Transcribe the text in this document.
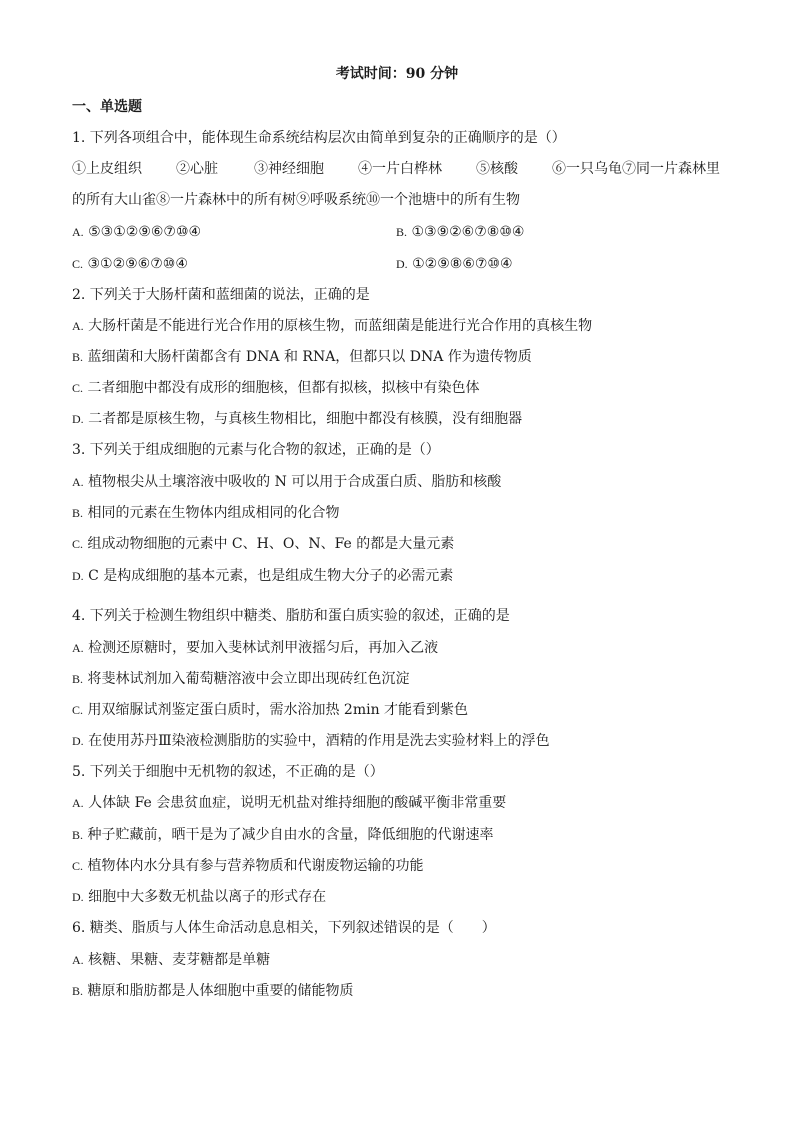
考试时间：90 分钟
一、单选题
1. 下列各项组合中，能体现生命系统结构层次由简单到复杂的正确顺序的是（）
①上皮组织 ②心脏	③神经细胞 ④一片白桦林 ⑤核酸 ⑥一只乌龟⑦同一片森林里
的所有大山雀⑧一片森林中的所有树⑨呼吸系统⑩一个池塘中的所有生物
A. ⑤③①②⑨⑥⑦⑩④	B. ①③⑨②⑥⑦⑧⑩④
C. ③①②⑨⑥⑦⑩④	D. ①②⑨⑧⑥⑦⑩④
2. 下列关于大肠杆菌和蓝细菌的说法，正确的是
A. 大肠杆菌是不能进行光合作用的原核生物，而蓝细菌是能进行光合作用的真核生物
B. 蓝细菌和大肠杆菌都含有 DNA 和 RNA，但都只以 DNA 作为遗传物质
C. 二者细胞中都没有成形的细胞核，但都有拟核，拟核中有染色体
D. 二者都是原核生物，与真核生物相比，细胞中都没有核膜，没有细胞器
3. 下列关于组成细胞的元素与化合物的叙述，正确的是（）
A. 植物根尖从土壤溶液中吸收的 N 可以用于合成蛋白质、脂肪和核酸
B. 相同的元素在生物体内组成相同的化合物
C. 组成动物细胞的元素中 C、H、O、N、Fe 的都是大量元素
D. C 是构成细胞的基本元素，也是组成生物大分子的必需元素
4. 下列关于检测生物组织中糖类、脂肪和蛋白质实验的叙述，正确的是
A. 检测还原糖时，要加入斐林试剂甲液摇匀后，再加入乙液
B. 将斐林试剂加入葡萄糖溶液中会立即出现砖红色沉淀
C. 用双缩脲试剂鉴定蛋白质时，需水浴加热 2min 才能看到紫色
D. 在使用苏丹Ⅲ染液检测脂肪的实验中，酒精的作用是洗去实验材料上的浮色
5. 下列关于细胞中无机物的叙述，不正确的是（）
A. 人体缺 Fe 会患贫血症，说明无机盐对维持细胞的酸碱平衡非常重要
B. 种子贮藏前，晒干是为了减少自由水的含量，降低细胞的代谢速率
C. 植物体内水分具有参与营养物质和代谢废物运输的功能
D. 细胞中大多数无机盐以离子的形式存在
6. 糖类、脂质与人体生命活动息息相关，下列叙述错误的是（　　）
A. 核糖、果糖、麦芽糖都是单糖
B. 糖原和脂肪都是人体细胞中重要的储能物质
